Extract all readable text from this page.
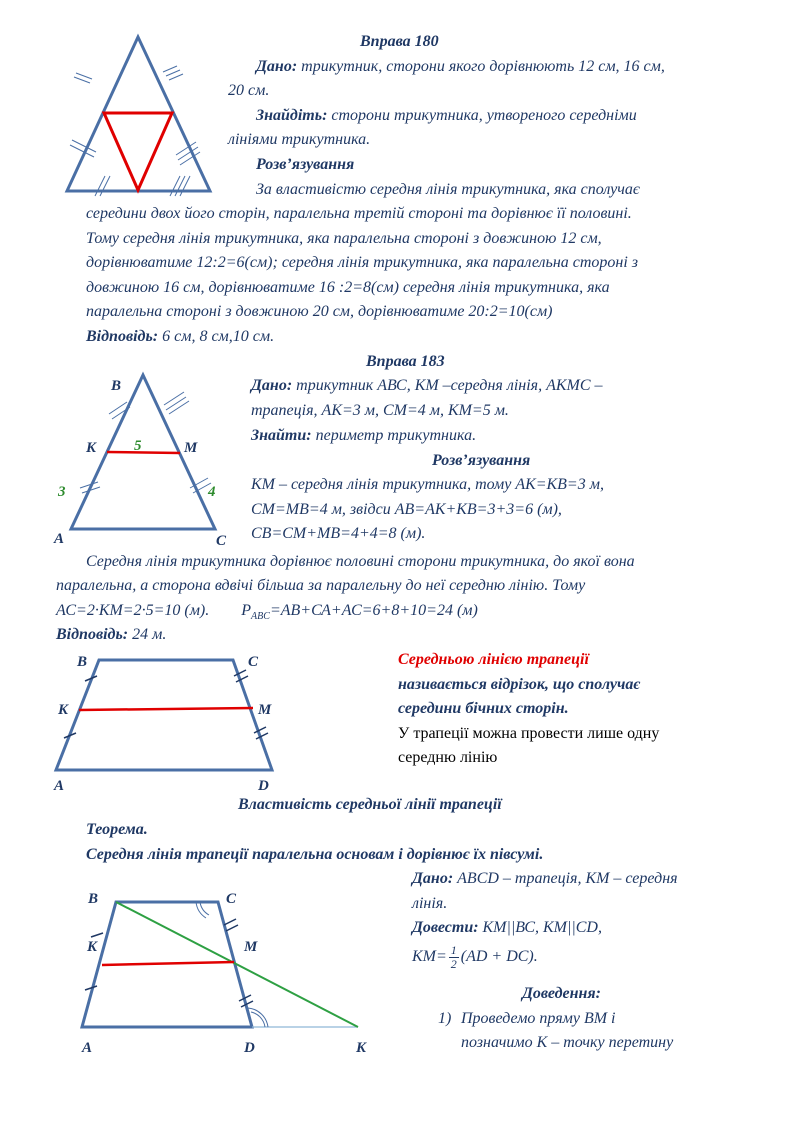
B
K	M
A	C
5
3	4
B	C
K	M
A	D
B	C
K	M
A	D	K
Вправа 180
Дано: трикутник, сторони якого дорівнюють 12 см, 16 см,
20 см.
Знайдіть: сторони трикутника, утвореного середніми
лініями трикутника.
Розв’язування
За властивістю середня лінія трикутника, яка сполучає
середини двох його сторін, паралельна третій стороні та дорівнює її половині.
Тому середня лінія трикутника, яка паралельна стороні з довжиною 12 см,
дорівнюватиме 12:2=6(см); середня лінія трикутника, яка паралельна стороні з
довжиною 16 см, дорівнюватиме 16 :2=8(см) середня лінія трикутника, яка
паралельна стороні з довжиною 20 см, дорівнюватиме 20:2=10(см)
Відповідь: 6 см, 8 см,10 см.
Вправа 183
Дано: трикутник АВС, КМ –середня лінія, АКМС –
трапеція, АК=3 м, СМ=4 м, КМ=5 м.
Знайти: периметр трикутника.
Розв’язування
КМ – середня лінія трикутника, тому АК=КВ=3 м,
СМ=МВ=4 м, звідси АВ=АК+КВ=3+3=6 (м),
СВ=СМ+МВ=4+4=8 (м).
Середня лінія трикутника дорівнює половині сторони трикутника, до якої вона
паралельна, а сторона вдвічі більша за паралельну до неї середню лінію. Тому
АС=2·КМ=2·5=10 (м). $P_{ABC}=АВ+СА+АС=6+8+10=24$ (м)
Відповідь: 24 м.
Середньою лінією трапеції
називається відрізок, що сполучає
середини бічних сторін.
У трапеції можна провести лише одну
середню лінію
Властивість середньої лінії трапеції
Теорема.
Середня лінія трапеції паралельна основам і дорівнює їх півсумі.
Дано: ABCD – трапеція, КМ – середня
лінія.
Довести: КМ||ВС, КМ||CD,
$КМ= \frac{1}{2} (AD + DC)$.
Доведення:
1) Проведемо пряму ВМ і
позначимо К – точку перетину
